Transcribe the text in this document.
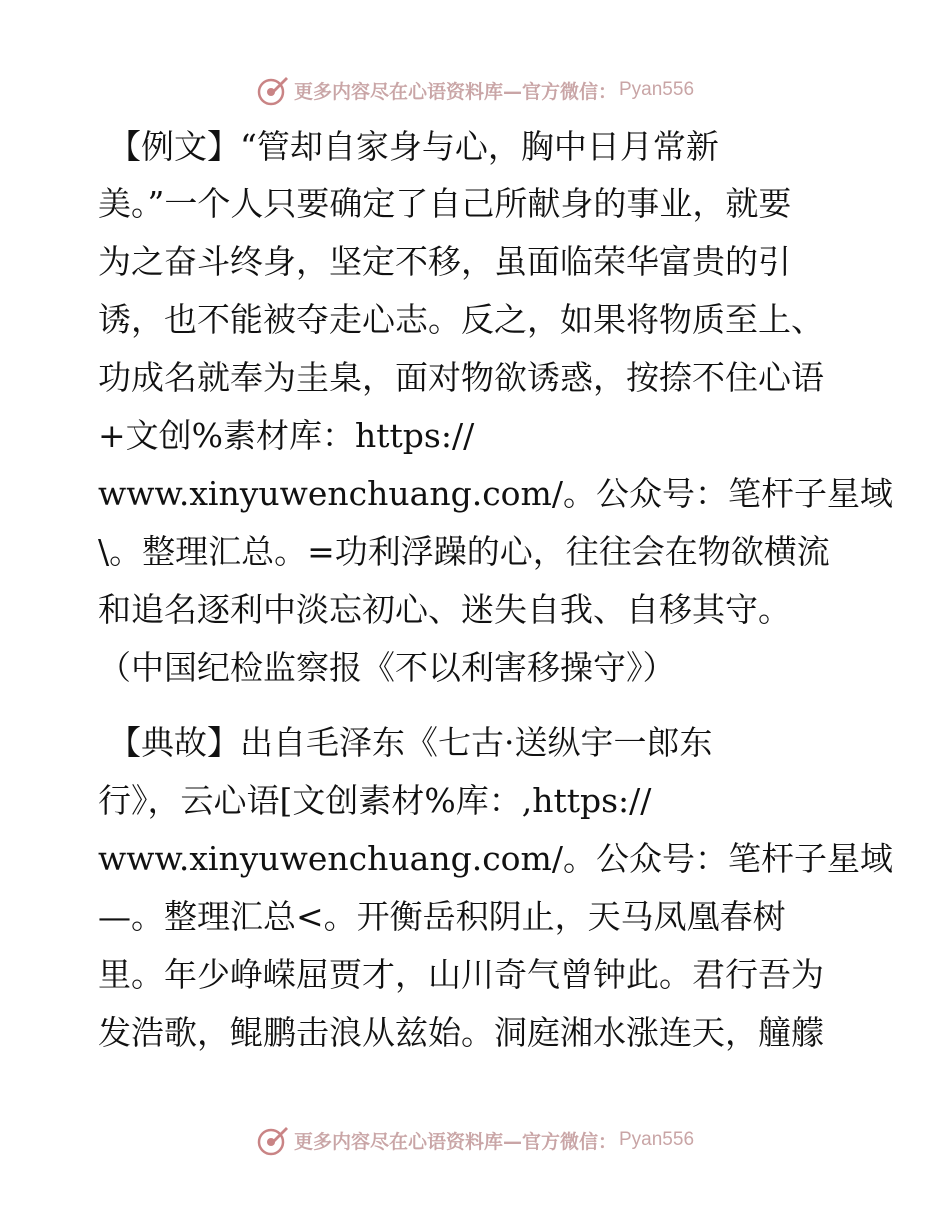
更多内容尽在心语资料库—官方微信： Pyan556
【例文】“管却自家身与心，胸中日月常新
美。”一个人只要确定了自己所献身的事业，就要
为之奋斗终身，坚定不移，虽面临荣华富贵的引
诱，也不能被夺走心志。反之，如果将物质至上、
功成名就奉为圭臬，面对物欲诱惑，按捺不住心语
+文创%素材库：https://
www.xinyuwenchuang.com/。公众号：笔杆子星域
\。整理汇总。=功利浮躁的心，往往会在物欲横流
和追名逐利中淡忘初心、迷失自我、自移其守。
（中国纪检监察报《不以利害移操守》）
【典故】出自毛泽东《七古·送纵宇一郎东
行》，云心语[文创素材%库：,https://
www.xinyuwenchuang.com/。公众号：笔杆子星域
—。整理汇总<。开衡岳积阴止，天马凤凰春树
里。年少峥嵘屈贾才，山川奇气曾钟此。君行吾为
发浩歌，鲲鹏击浪从兹始。洞庭湘水涨连天，艟艨
更多内容尽在心语资料库—官方微信： Pyan556
